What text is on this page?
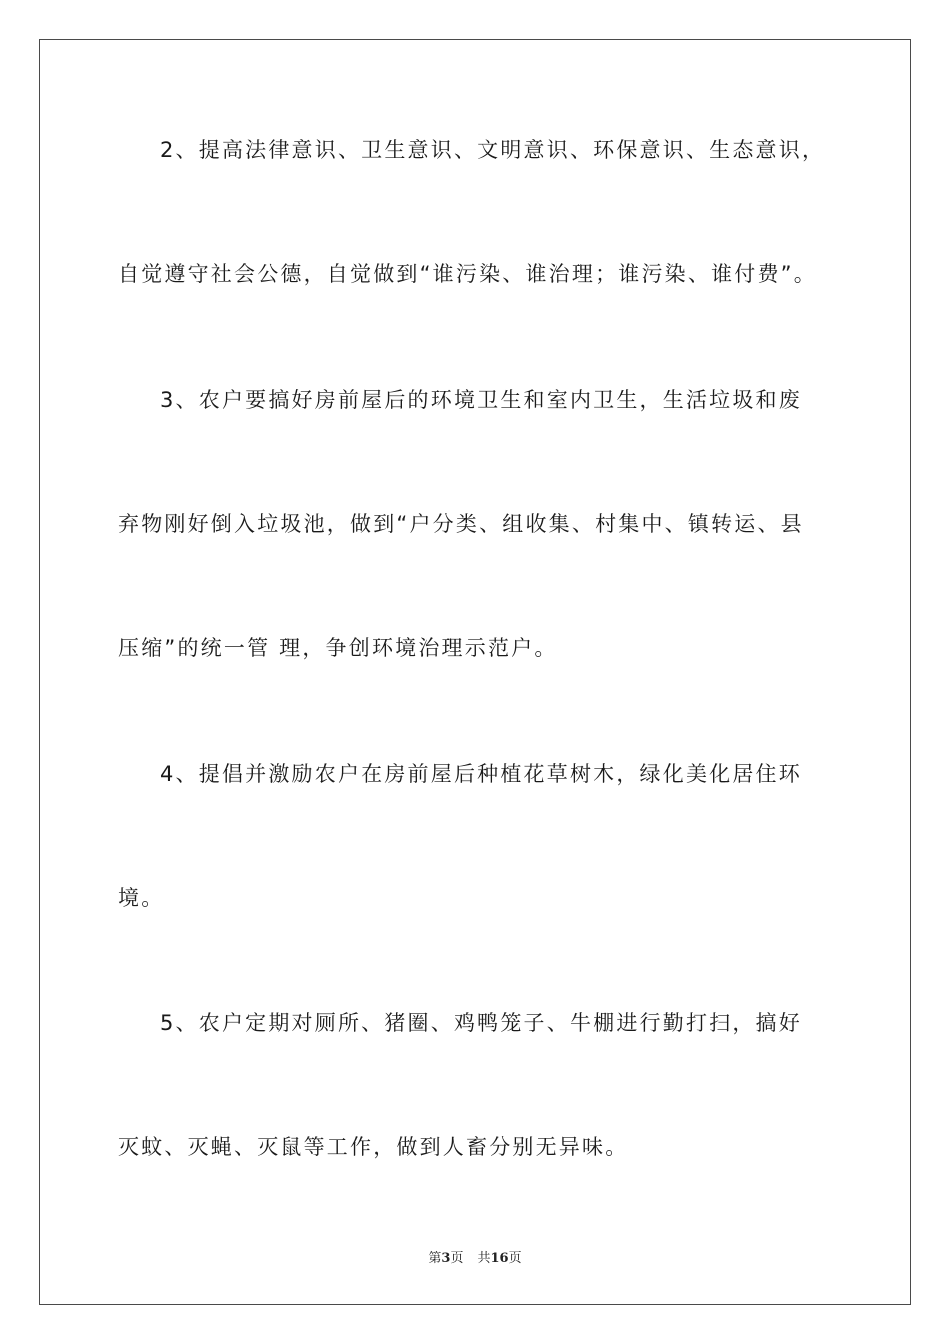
2、提高法律意识、卫生意识、文明意识、环保意识、生态意识，
自觉遵守社会公德，自觉做到“谁污染、谁治理；谁污染、谁付费”。
3、农户要搞好房前屋后的环境卫生和室内卫生，生活垃圾和废
弃物刚好倒入垃圾池，做到“户分类、组收集、村集中、镇转运、县
压缩”的统一管 理，争创环境治理示范户。
4、提倡并激励农户在房前屋后种植花草树木，绿化美化居住环
境。
5、农户定期对厕所、猪圈、鸡鸭笼子、牛棚进行勤打扫，搞好
灭蚊、灭蝇、灭鼠等工作，做到人畜分别无异味。
第3页 共16页
